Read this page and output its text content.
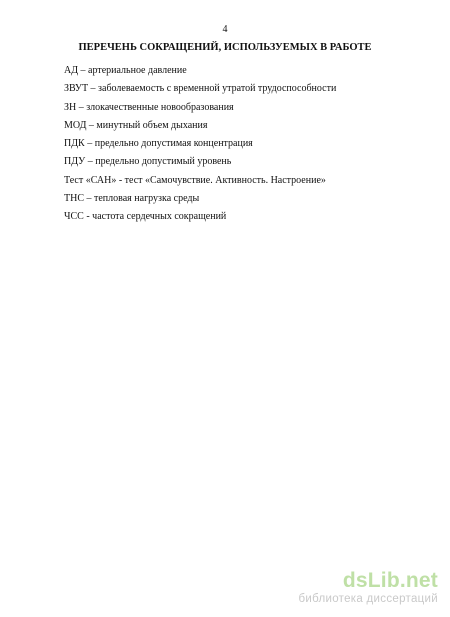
4
ПЕРЕЧЕНЬ СОКРАЩЕНИЙ, ИСПОЛЬЗУЕМЫХ В РАБОТЕ
АД – артериальное давление
ЗВУТ – заболеваемость с временной утратой трудоспособности
ЗН – злокачественные новообразования
МОД – минутный объем дыхания
ПДК – предельно допустимая концентрация
ПДУ – предельно допустимый уровень
Тест «САН» - тест «Самочувствие. Активность. Настроение»
ТНС – тепловая нагрузка среды
ЧСС - частота сердечных сокращений
dsLib.net
библиотека диссертаций
